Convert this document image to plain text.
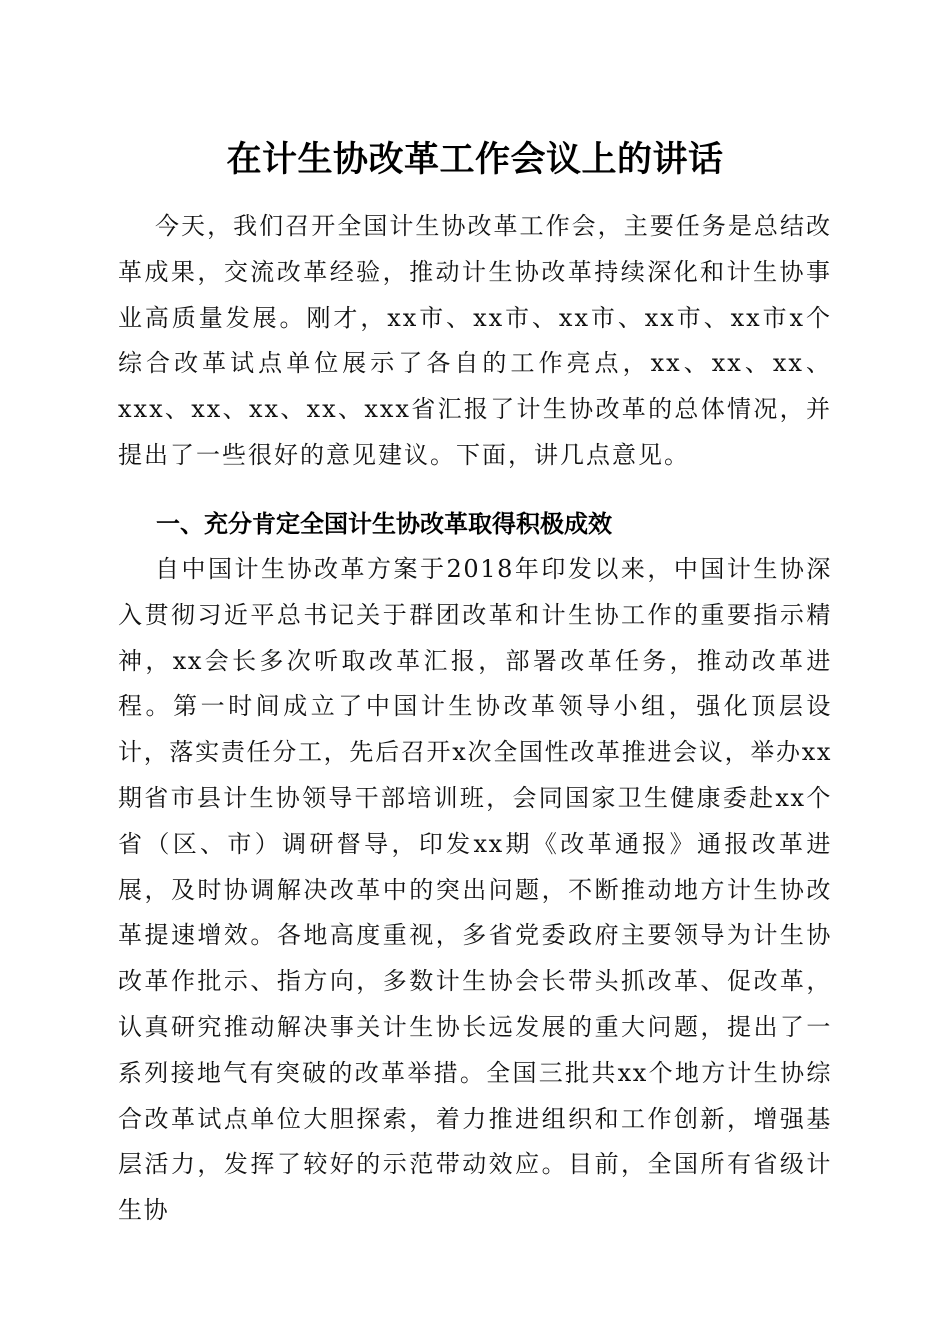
在计生协改革工作会议上的讲话

今天，我们召开全国计生协改革工作会，主要任务是总结改革成果，交流改革经验，推动计生协改革持续深化和计生协事业高质量发展。刚才，xx市、xx市、xx市、xx市、xx市x个综合改革试点单位展示了各自的工作亮点，xx、xx、xx、xxx、xx、xx、xx、xxx省汇报了计生协改革的总体情况，并提出了一些很好的意见建议。下面，讲几点意见。

一、充分肯定全国计生协改革取得积极成效

自中国计生协改革方案于2018年印发以来，中国计生协深入贯彻习近平总书记关于群团改革和计生协工作的重要指示精神，xx会长多次听取改革汇报，部署改革任务，推动改革进程。第一时间成立了中国计生协改革领导小组，强化顶层设计，落实责任分工，先后召开x次全国性改革推进会议，举办xx期省市县计生协领导干部培训班，会同国家卫生健康委赴xx个省（区、市）调研督导，印发xx期《改革通报》通报改革进展，及时协调解决改革中的突出问题，不断推动地方计生协改革提速增效。各地高度重视，多省党委政府主要领导为计生协改革作批示、指方向，多数计生协会长带头抓改革、促改革，认真研究推动解决事关计生协长远发展的重大问题，提出了一系列接地气有突破的改革举措。全国三批共xx个地方计生协综合改革试点单位大胆探索，着力推进组织和工作创新，增强基层活力，发挥了较好的示范带动效应。目前，全国所有省级计生协
